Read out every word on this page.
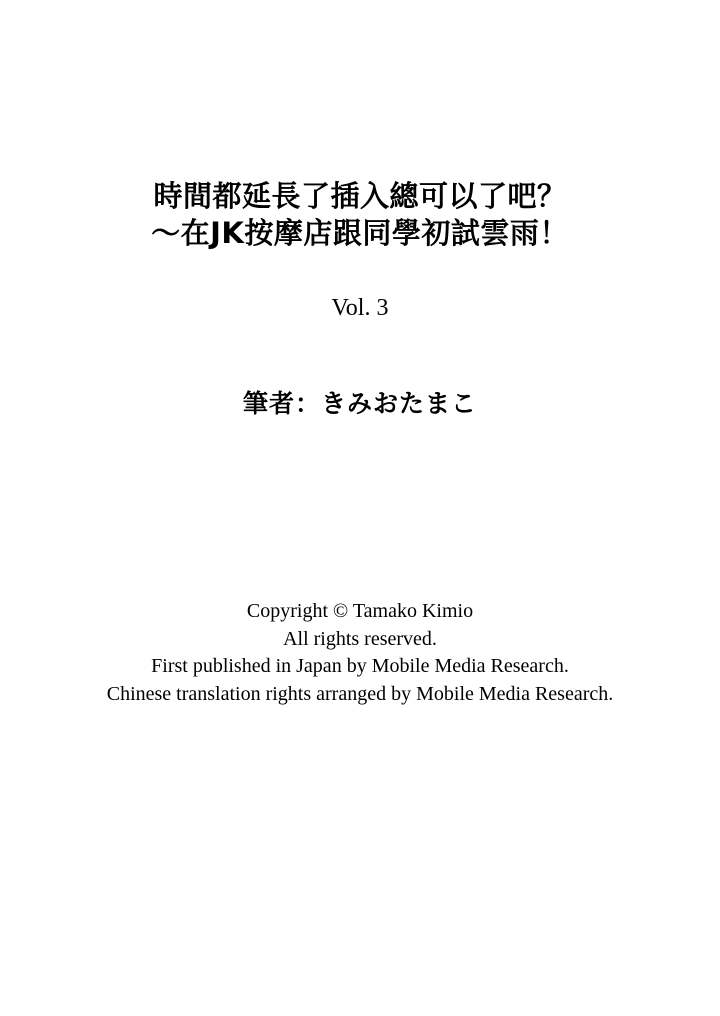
時間都延長了插入總可以了吧？
～在JK按摩店跟同學初試雲雨！
Vol. 3
筆者：きみおたまこ
Copyright © Tamako Kimio
All rights reserved.
First published in Japan by Mobile Media Research.
Chinese translation rights arranged by Mobile Media Research.
